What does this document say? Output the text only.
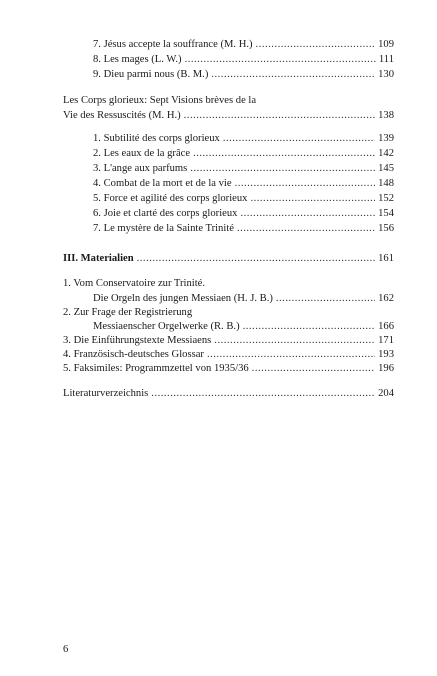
7. Jésus accepte la souffrance (M. H.) .....	109
8. Les mages (L. W.) .....	111
9. Dieu parmi nous (B. M.) .....	130
Les Corps glorieux: Sept Visions brèves de la
Vie des Ressuscités (M. H.) .....	138
1. Subtilité des corps glorieux .....	139
2. Les eaux de la grâce .....	142
3. L'ange aux parfums .....	145
4. Combat de la mort et de la vie .....	148
5. Force et agilité des corps glorieux .....	152
6. Joie et clarté des corps glorieux .....	154
7. Le mystère de la Sainte Trinité .....	156
III. Materialien .....	161
1. Vom Conservatoire zur Trinité.
Die Orgeln des jungen Messiaen (H. J. B.) .....	162
2. Zur Frage der Registrierung
Messiaenscher Orgelwerke (R. B.) .....	166
3. Die Einführungstexte Messiaens .....	171
4. Französisch-deutsches Glossar .....	193
5. Faksimiles: Programmzettel von 1935/36 .....	196
Literaturverzeichnis .....	204
6
